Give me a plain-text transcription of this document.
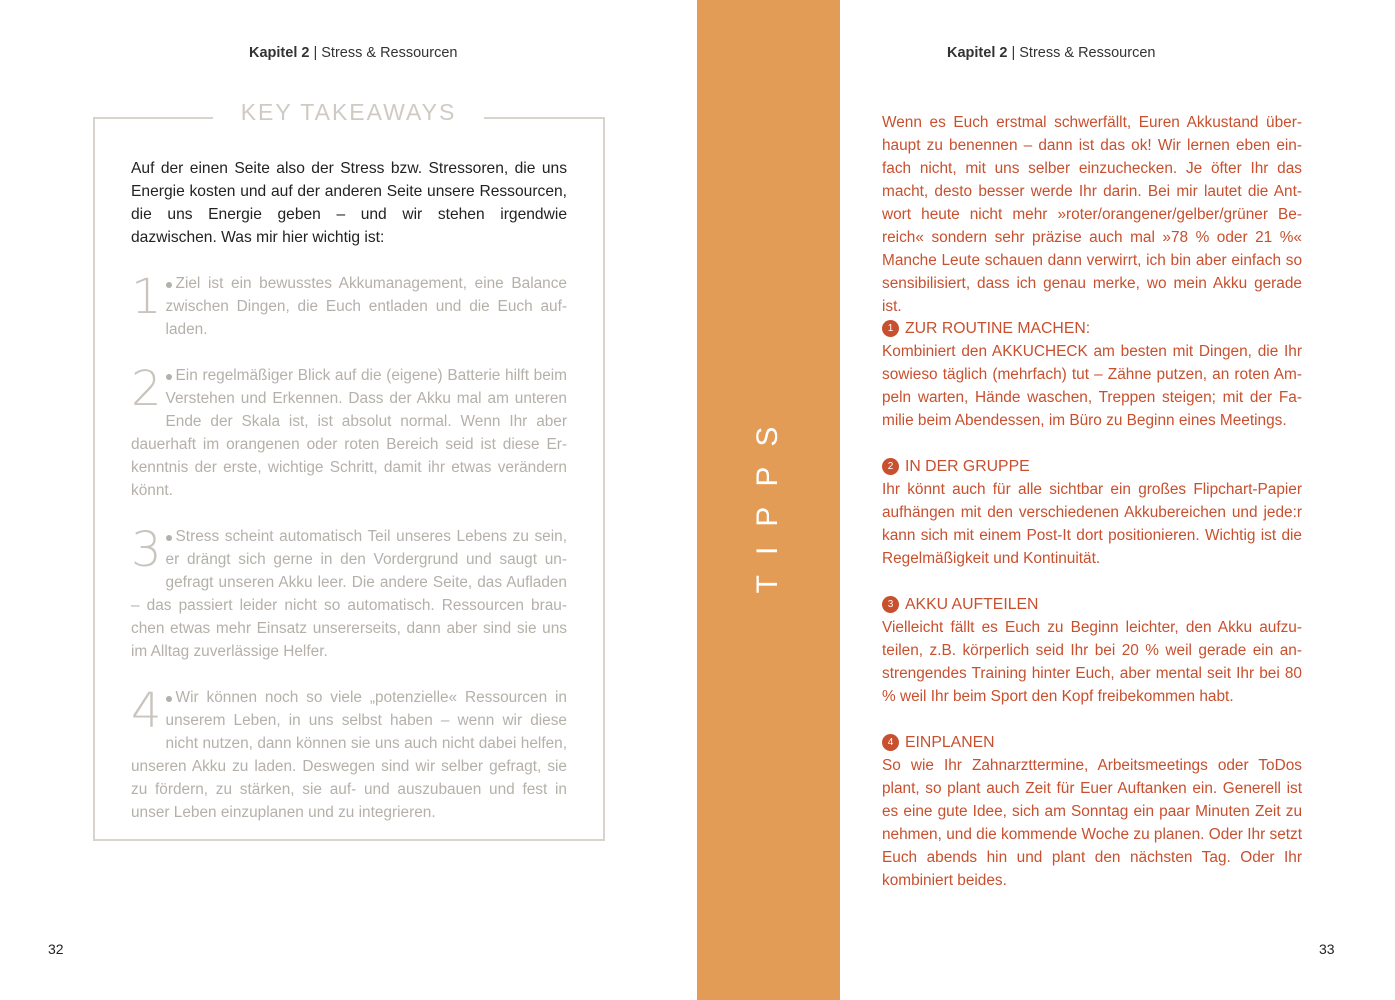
Kapitel 2 | Stress & Ressourcen
KEY TAKEAWAYS

Auf der einen Seite also der Stress bzw. Stressoren, die uns Energie kosten und auf der anderen Seite unsere Ressourcen, die uns Energie geben – und wir stehen irgendwie dazwischen. Was mir hier wichtig ist:

1 Ziel ist ein bewusstes Akkumanagement, eine Balance zwischen Dingen, die Euch entladen und die Euch aufladen.
2 Ein regelmäßiger Blick auf die (eigene) Batterie hilft beim Verstehen und Erkennen. Dass der Akku mal am unteren Ende der Skala ist, ist absolut normal. Wenn Ihr aber dauerhaft im orangenen oder roten Bereich seid ist diese Erkenntnis der erste, wichtige Schritt, damit ihr etwas verändern könnt.
3 Stress scheint automatisch Teil unseres Lebens zu sein, er drängt sich gerne in den Vordergrund und saugt ungefragt unseren Akku leer. Die andere Seite, das Aufladen – das passiert leider nicht so automatisch. Ressourcen brauchen etwas mehr Einsatz unsererseits, dann aber sind sie uns im Alltag zuverlässige Helfer.
4 Wir können noch so viele „potenzielle« Ressourcen in unserem Leben, in uns selbst haben – wenn wir diese nicht nutzen, dann können sie uns auch nicht dabei helfen, unseren Akku zu laden. Deswegen sind wir selber gefragt, sie zu fördern, zu stärken, sie auf- und auszubauen und fest in unser Leben einzuplanen und zu integrieren.
32
TIPPS
Kapitel 2 | Stress & Ressourcen

Wenn es Euch erstmal schwerfällt, Euren Akkustand überhaupt zu benennen – dann ist das ok! Wir lernen eben einfach nicht, mit uns selber einzuchecken. Je öfter Ihr das macht, desto besser werde Ihr darin. Bei mir lautet die Antwort heute nicht mehr »roter/orangener/gelber/grüner Bereich« sondern sehr präzise auch mal »78 % oder 21 %« Manche Leute schauen dann verwirrt, ich bin aber einfach so sensibilisiert, dass ich genau merke, wo mein Akku gerade ist.

1 ZUR ROUTINE MACHEN:

Kombiniert den AKKUCHECK am besten mit Dingen, die Ihr sowieso täglich (mehrfach) tut – Zähne putzen, an roten Ampeln warten, Hände waschen, Treppen steigen; mit der Familie beim Abendessen, im Büro zu Beginn eines Meetings.

2 IN DER GRUPPE

Ihr könnt auch für alle sichtbar ein großes Flipchart-Papier aufhängen mit den verschiedenen Akkubereichen und jede:r kann sich mit einem Post-It dort positionieren. Wichtig ist die Regelmäßigkeit und Kontinuität.

3 AKKU AUFTEILEN

Vielleicht fällt es Euch zu Beginn leichter, den Akku aufzuteilen, z.B. körperlich seid Ihr bei 20 % weil gerade ein anstrengendes Training hinter Euch, aber mental seit Ihr bei 80 % weil Ihr beim Sport den Kopf freibekommen habt.

4 EINPLANEN

So wie Ihr Zahnarzttermine, Arbeitsmeetings oder ToDos plant, so plant auch Zeit für Euer Auftanken ein. Generell ist es eine gute Idee, sich am Sonntag ein paar Minuten Zeit zu nehmen, und die kommende Woche zu planen. Oder Ihr setzt Euch abends hin und plant den nächsten Tag. Oder Ihr kombiniert beides.

33
